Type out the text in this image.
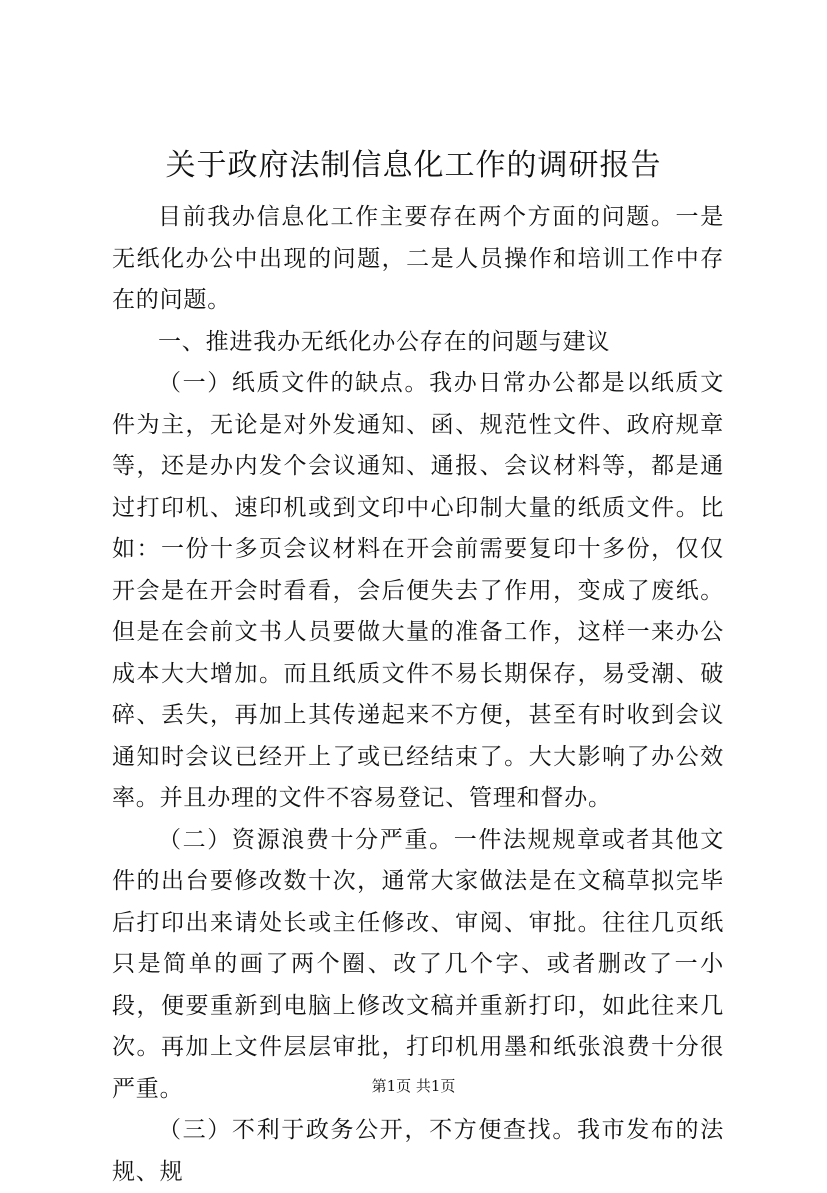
关于政府法制信息化工作的调研报告

目前我办信息化工作主要存在两个方面的问题。一是无纸化办公中出现的问题，二是人员操作和培训工作中存在的问题。

一、推进我办无纸化办公存在的问题与建议

（一）纸质文件的缺点。我办日常办公都是以纸质文件为主，无论是对外发通知、函、规范性文件、政府规章等，还是办内发个会议通知、通报、会议材料等，都是通过打印机、速印机或到文印中心印制大量的纸质文件。比如：一份十多页会议材料在开会前需要复印十多份，仅仅开会是在开会时看看，会后便失去了作用，变成了废纸。但是在会前文书人员要做大量的准备工作，这样一来办公成本大大增加。而且纸质文件不易长期保存，易受潮、破碎、丢失，再加上其传递起来不方便，甚至有时收到会议通知时会议已经开上了或已经结束了。大大影响了办公效率。并且办理的文件不容易登记、管理和督办。

（二）资源浪费十分严重。一件法规规章或者其他文件的出台要修改数十次，通常大家做法是在文稿草拟完毕后打印出来请处长或主任修改、审阅、审批。往往几页纸只是简单的画了两个圈、改了几个字、或者删改了一小段，便要重新到电脑上修改文稿并重新打印，如此往来几次。再加上文件层层审批，打印机用墨和纸张浪费十分很严重。

（三）不利于政务公开，不方便查找。我市发布的法规、规

第1页 共1页
